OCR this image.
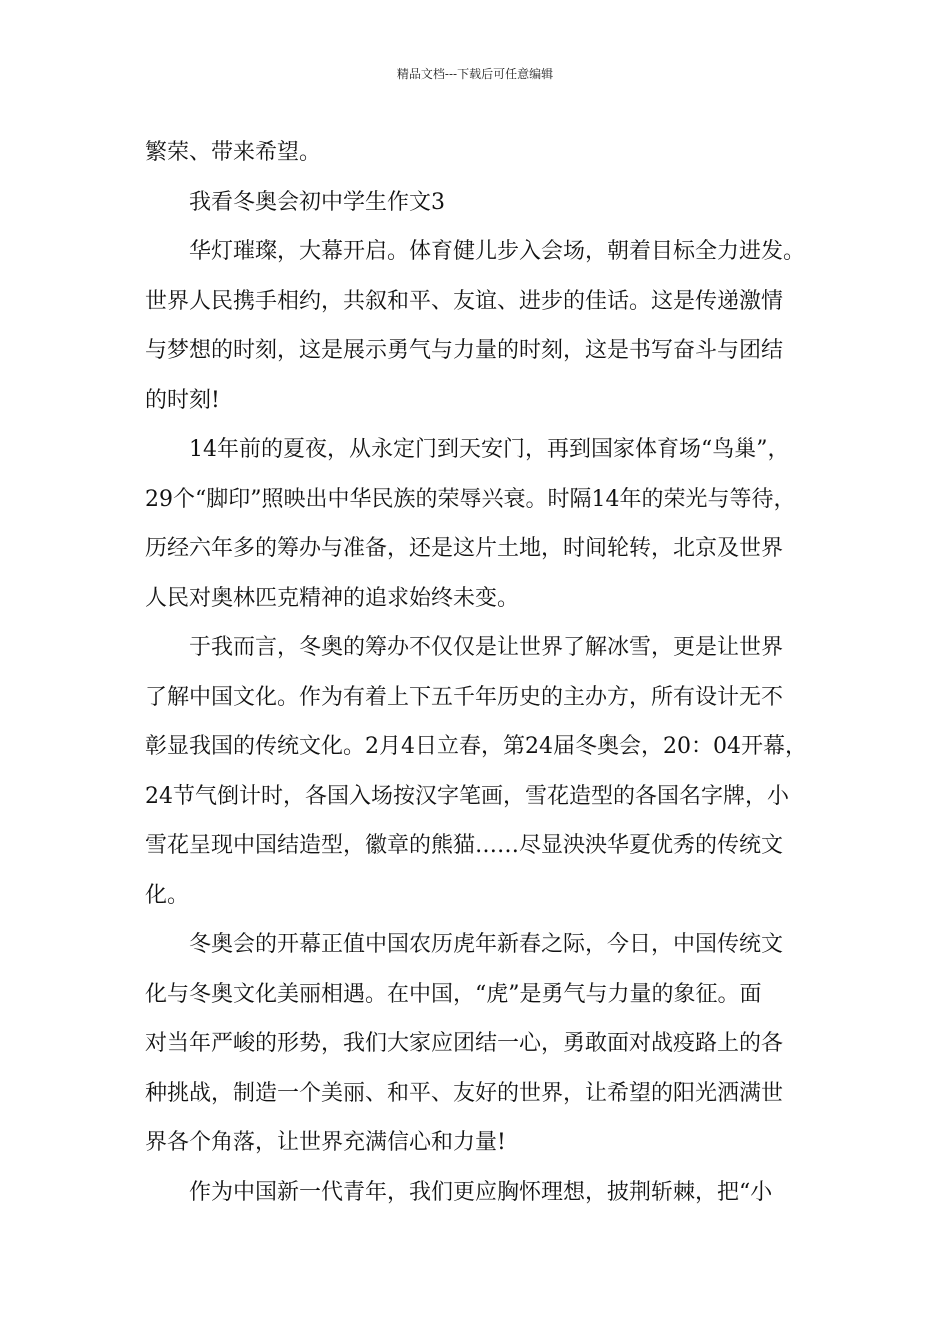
精品文档---下载后可任意编辑
繁荣、带来希望。
我看冬奥会初中学生作文3
华灯璀璨，大幕开启。体育健儿步入会场，朝着目标全力进发。
世界人民携手相约，共叙和平、友谊、进步的佳话。这是传递激情
与梦想的时刻，这是展示勇气与力量的时刻，这是书写奋斗与团结
的时刻!
14年前的夏夜，从永定门到天安门，再到国家体育场“鸟巢”，
29个“脚印”照映出中华民族的荣辱兴衰。时隔14年的荣光与等待，
历经六年多的筹办与准备，还是这片土地，时间轮转，北京及世界
人民对奥林匹克精神的追求始终未变。
于我而言，冬奥的筹办不仅仅是让世界了解冰雪，更是让世界
了解中国文化。作为有着上下五千年历史的主办方，所有设计无不
彰显我国的传统文化。2月4日立春，第24届冬奥会，20：04开幕，
24节气倒计时，各国入场按汉字笔画，雪花造型的各国名字牌，小
雪花呈现中国结造型，徽章的熊猫……尽显泱泱华夏优秀的传统文
化。
冬奥会的开幕正值中国农历虎年新春之际，今日，中国传统文
化与冬奥文化美丽相遇。在中国，“虎”是勇气与力量的象征。面
对当年严峻的形势，我们大家应团结一心，勇敢面对战疫路上的各
种挑战，制造一个美丽、和平、友好的世界，让希望的阳光洒满世
界各个角落，让世界充满信心和力量!
作为中国新一代青年，我们更应胸怀理想，披荆斩棘，把“小
